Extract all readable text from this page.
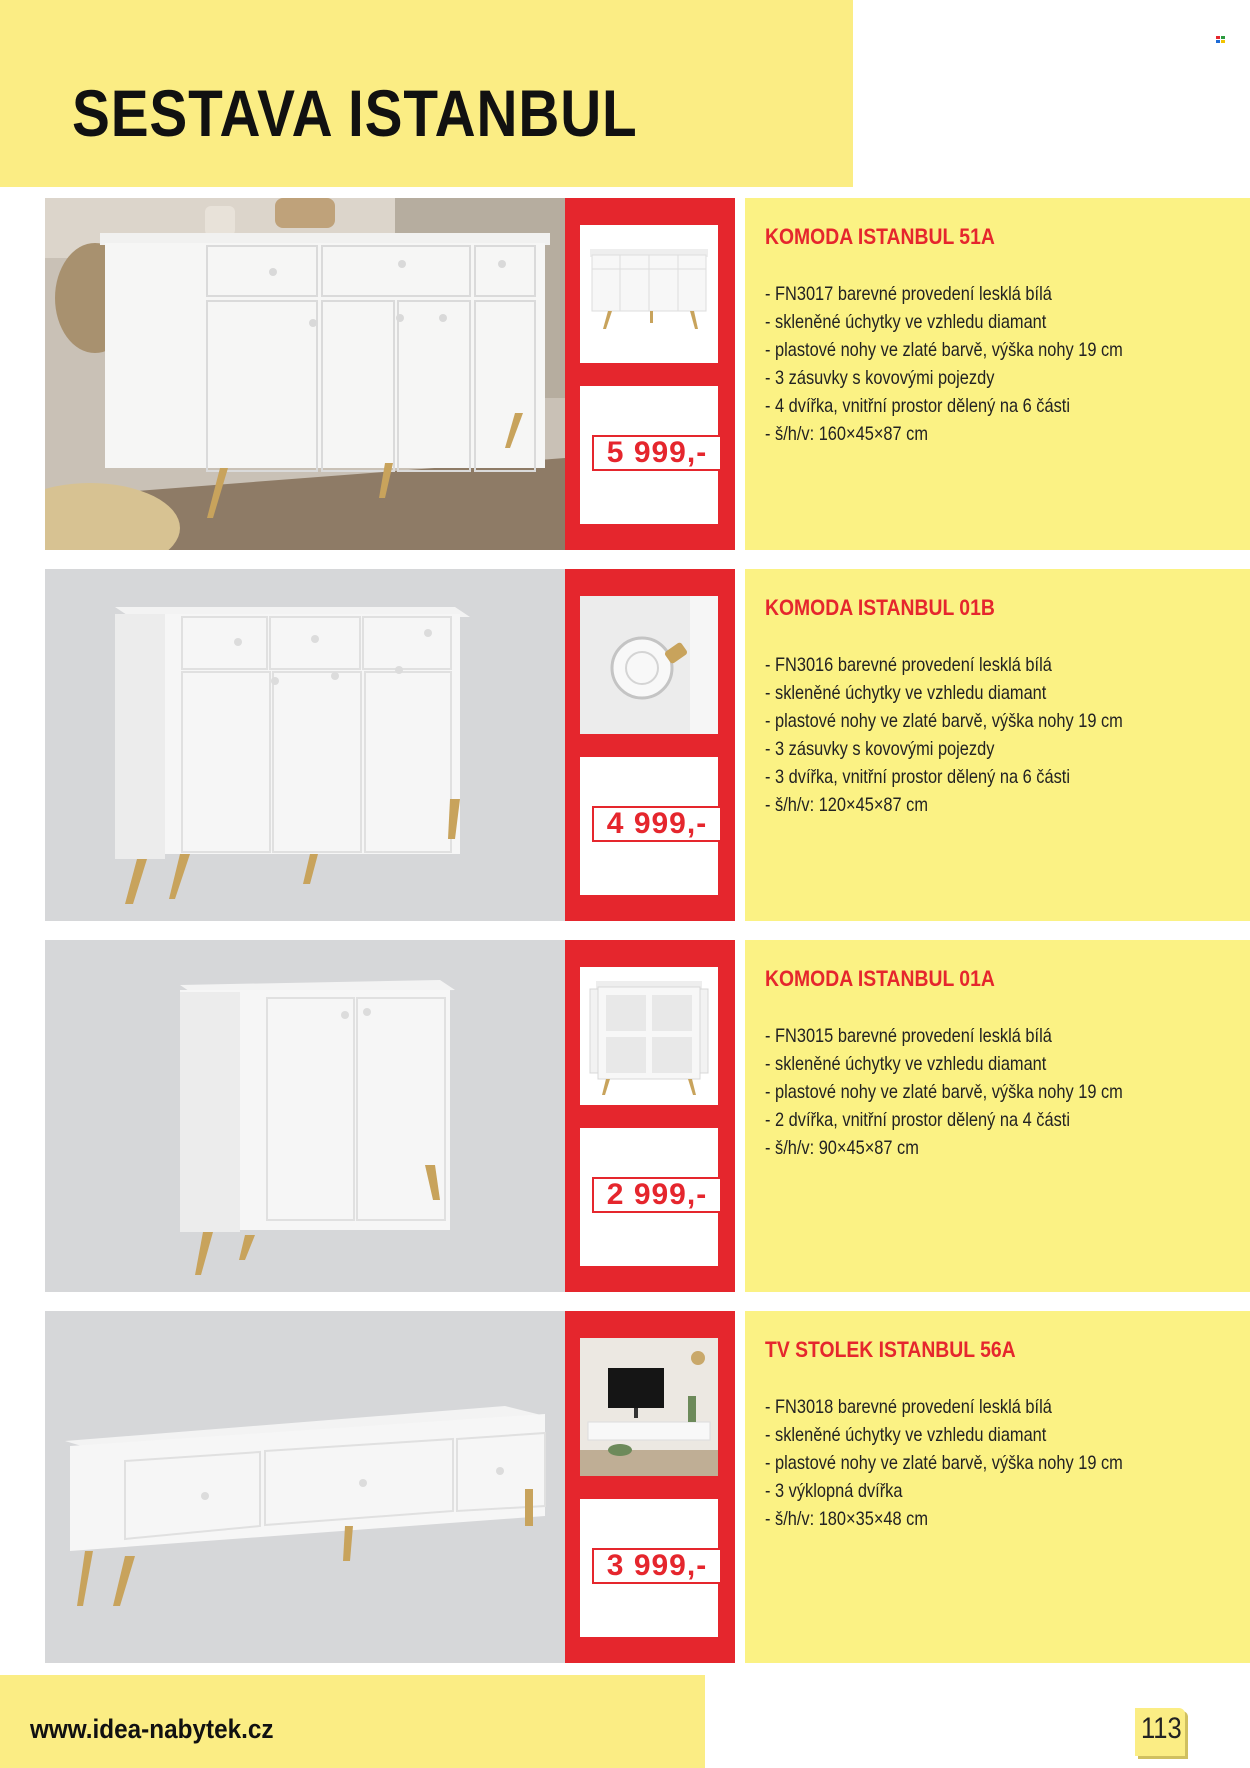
SESTAVA ISTANBUL
5 999,-
KOMODA ISTANBUL 51A
- FN3017 barevné provedení lesklá bílá
- skleněné úchytky ve vzhledu diamant
- plastové nohy ve zlaté barvě, výška nohy 19 cm
- 3 zásuvky s kovovými pojezdy
- 4 dvířka, vnitřní prostor dělený na 6 části
- š/h/v: 160×45×87 cm
4 999,-
KOMODA ISTANBUL 01B
- FN3016 barevné provedení lesklá bílá
- skleněné úchytky ve vzhledu diamant
- plastové nohy ve zlaté barvě, výška nohy 19 cm
- 3 zásuvky s kovovými pojezdy
- 3 dvířka, vnitřní prostor dělený na 6 části
- š/h/v: 120×45×87 cm
2 999,-
KOMODA ISTANBUL 01A
- FN3015 barevné provedení lesklá bílá
- skleněné úchytky ve vzhledu diamant
- plastové nohy ve zlaté barvě, výška nohy 19 cm
- 2 dvířka, vnitřní prostor dělený na 4 části
- š/h/v: 90×45×87 cm
3 999,-
TV STOLEK ISTANBUL 56A
- FN3018 barevné provedení lesklá bílá
- skleněné úchytky ve vzhledu diamant
- plastové nohy ve zlaté barvě, výška nohy 19 cm
- 3 výklopná dvířka
- š/h/v: 180×35×48 cm

www.idea-nabytek.cz	113
